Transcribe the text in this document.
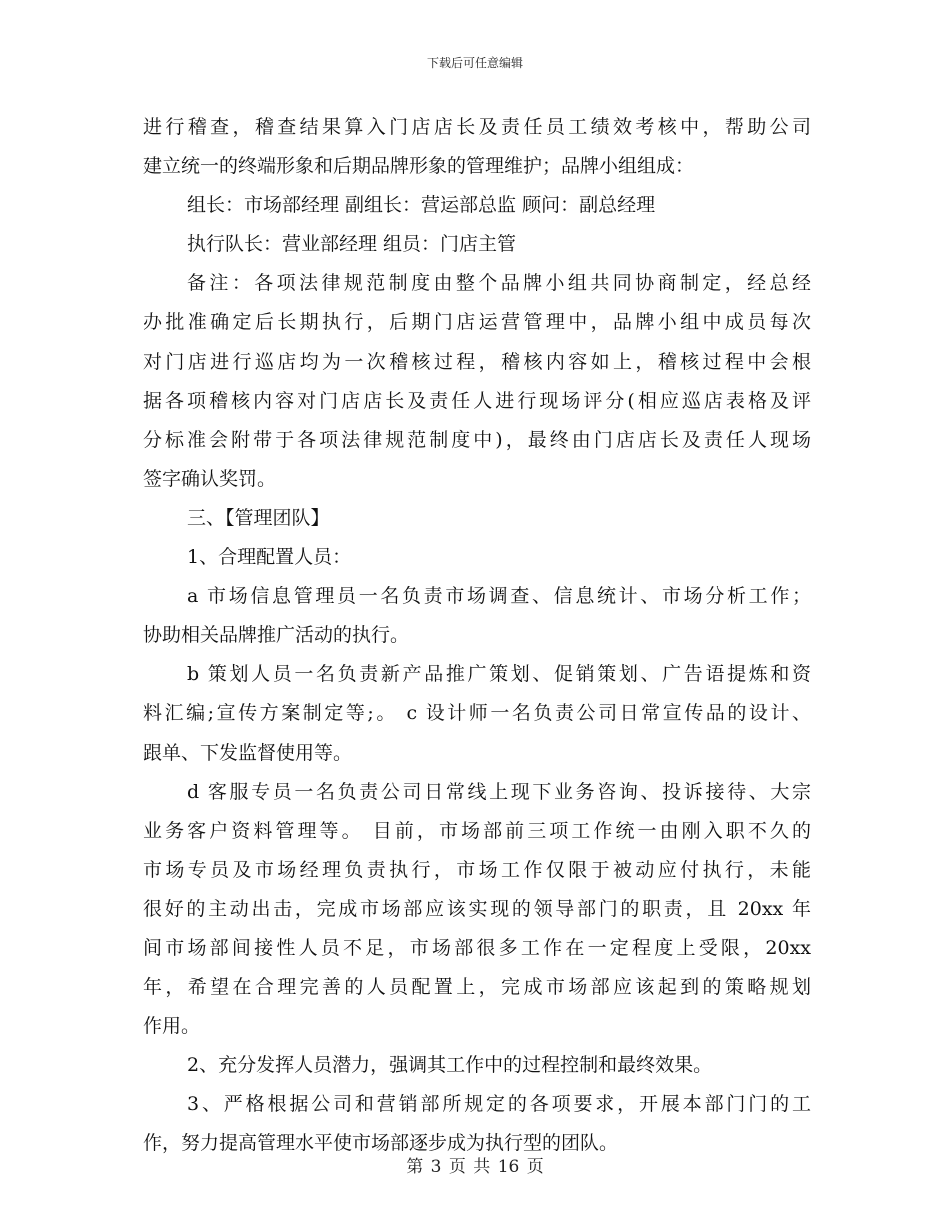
下载后可任意编辑
进行稽查，稽查结果算入门店店长及责任员工绩效考核中，帮助公司
建立统一的终端形象和后期品牌形象的管理维护；品牌小组组成：
组长：市场部经理 副组长：营运部总监 顾问：副总经理
执行队长：营业部经理 组员：门店主管
备注：各项法律规范制度由整个品牌小组共同协商制定，经总经
办批准确定后长期执行，后期门店运营管理中，品牌小组中成员每次
对门店进行巡店均为一次稽核过程，稽核内容如上，稽核过程中会根
据各项稽核内容对门店店长及责任人进行现场评分(相应巡店表格及评
分标准会附带于各项法律规范制度中)，最终由门店店长及责任人现场
签字确认奖罚。
三、【管理团队】
1、合理配置人员：
a 市场信息管理员一名负责市场调查、信息统计、市场分析工作；
协助相关品牌推广活动的执行。
b 策划人员一名负责新产品推广策划、促销策划、广告语提炼和资
料汇编;宣传方案制定等;。 c 设计师一名负责公司日常宣传品的设计、
跟单、下发监督使用等。
d 客服专员一名负责公司日常线上现下业务咨询、投诉接待、大宗
业务客户资料管理等。 目前，市场部前三项工作统一由刚入职不久的
市场专员及市场经理负责执行，市场工作仅限于被动应付执行，未能
很好的主动出击，完成市场部应该实现的领导部门的职责，且 20xx 年
间市场部间接性人员不足，市场部很多工作在一定程度上受限，20xx
年，希望在合理完善的人员配置上，完成市场部应该起到的策略规划
作用。
2、充分发挥人员潜力，强调其工作中的过程控制和最终效果。
3、严格根据公司和营销部所规定的各项要求，开展本部门门的工
作，努力提高管理水平使市场部逐步成为执行型的团队。
第 3 页 共 16 页
